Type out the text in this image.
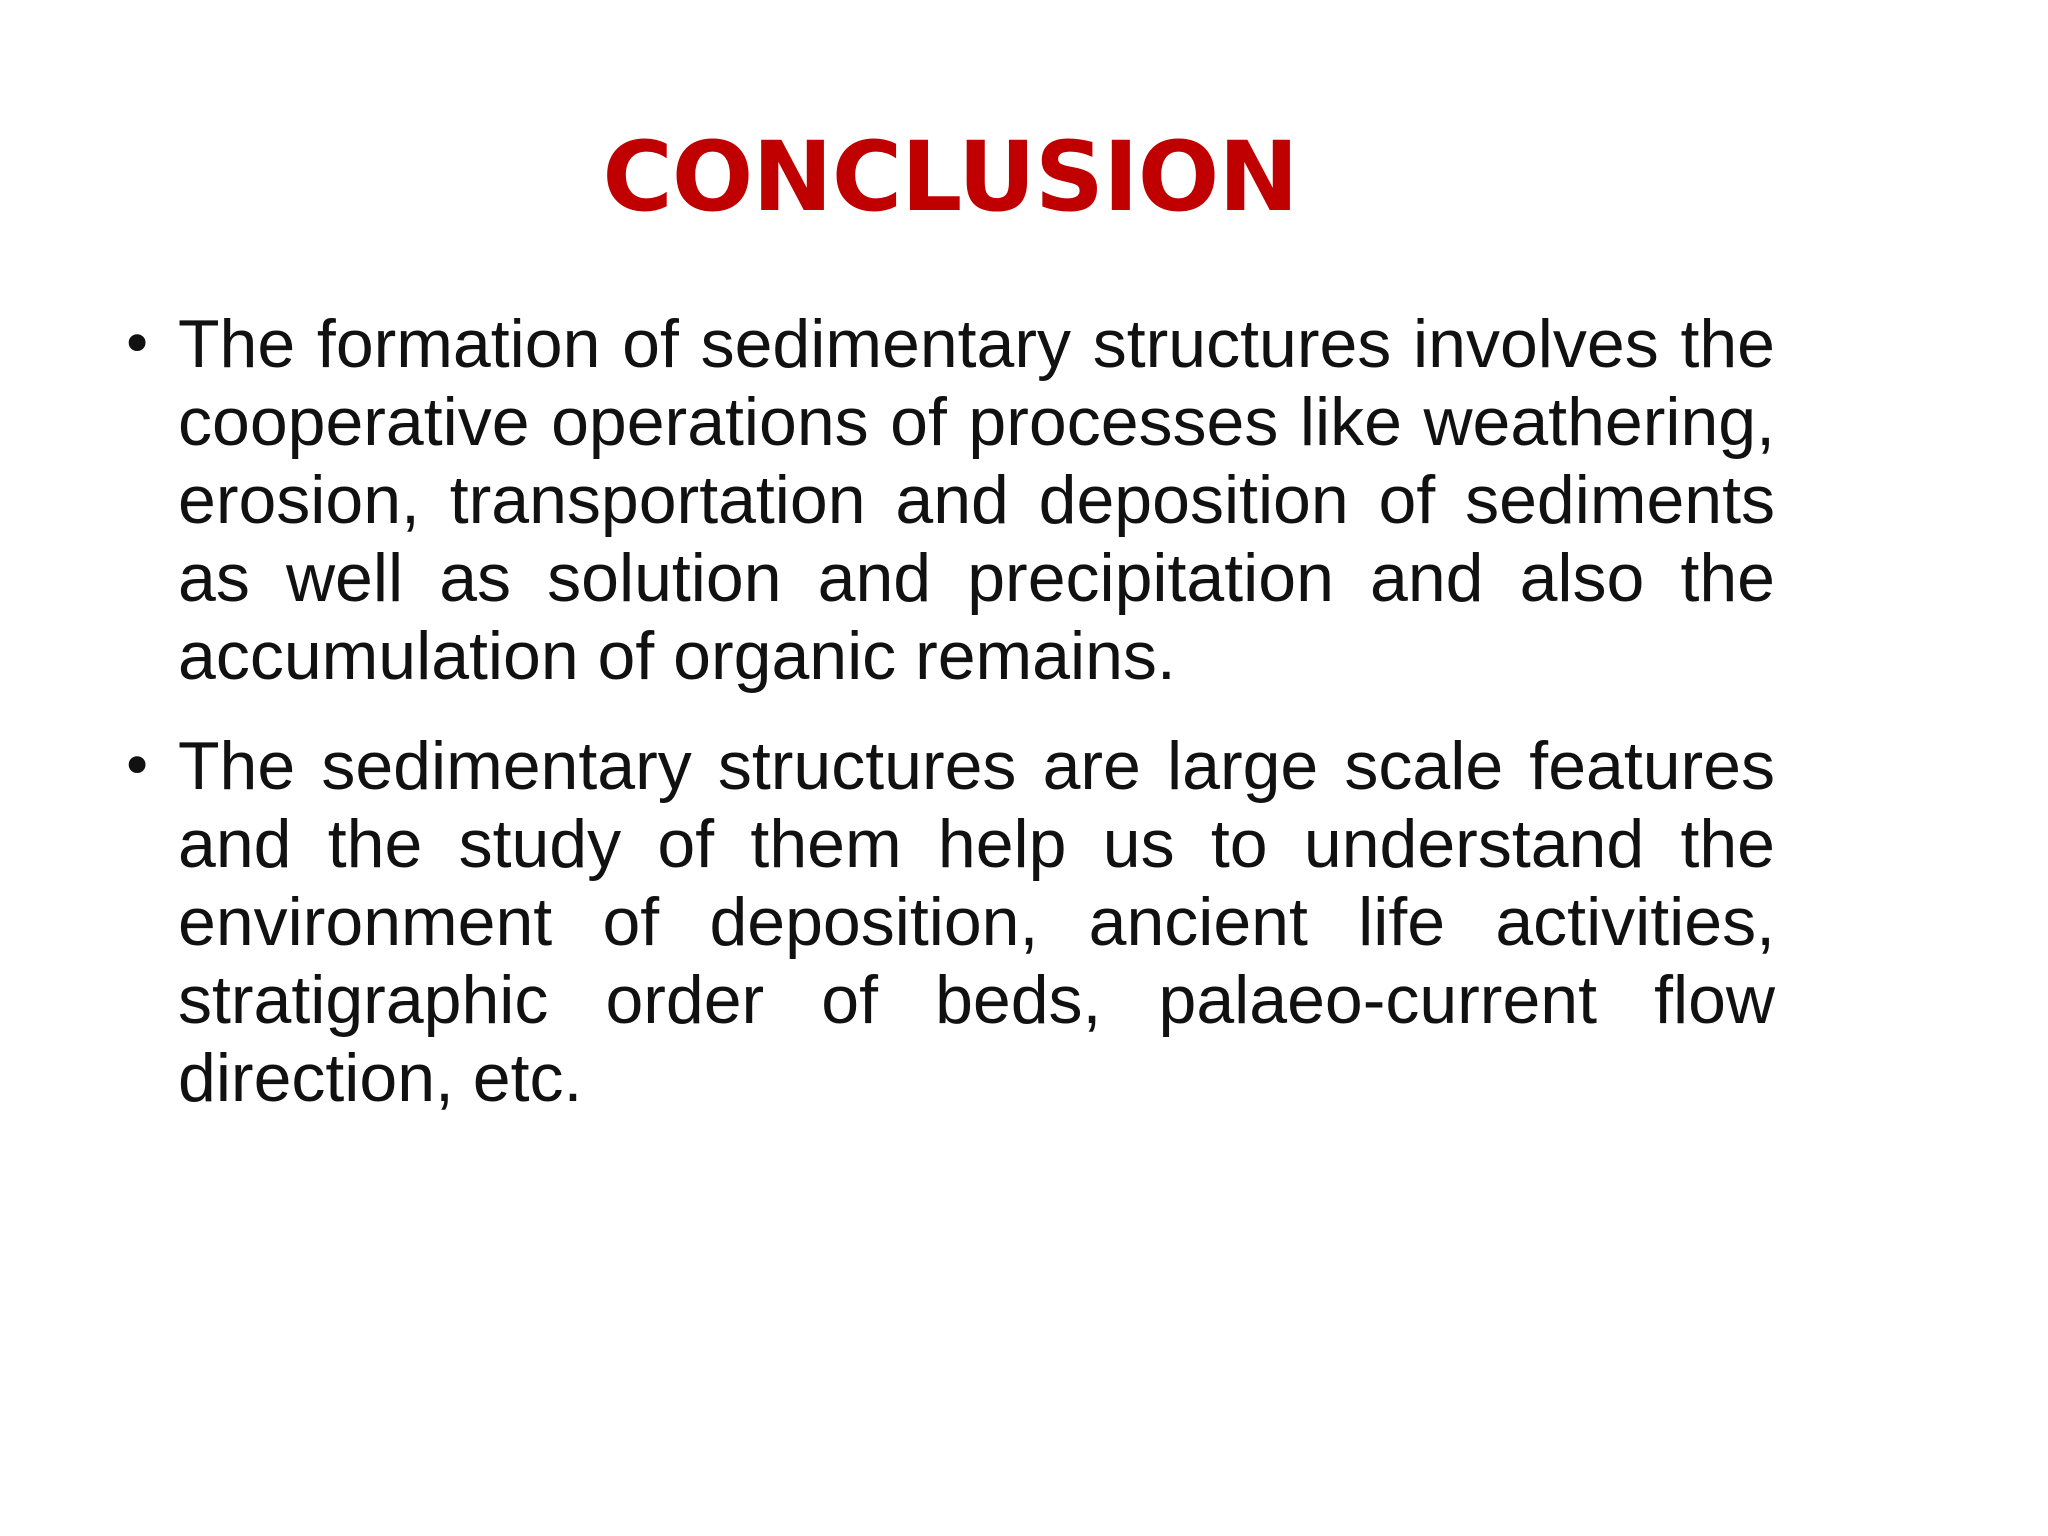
CONCLUSION
• The formation of sedimentary structures involves the cooperative operations of processes like weathering, erosion, transportation and deposition of sediments as well as solution and precipitation and also the accumulation of organic remains.
• The sedimentary structures are large scale features and the study of them help us to understand the environment of deposition, ancient life activities, stratigraphic order of beds, palaeo-current flow direction, etc.
